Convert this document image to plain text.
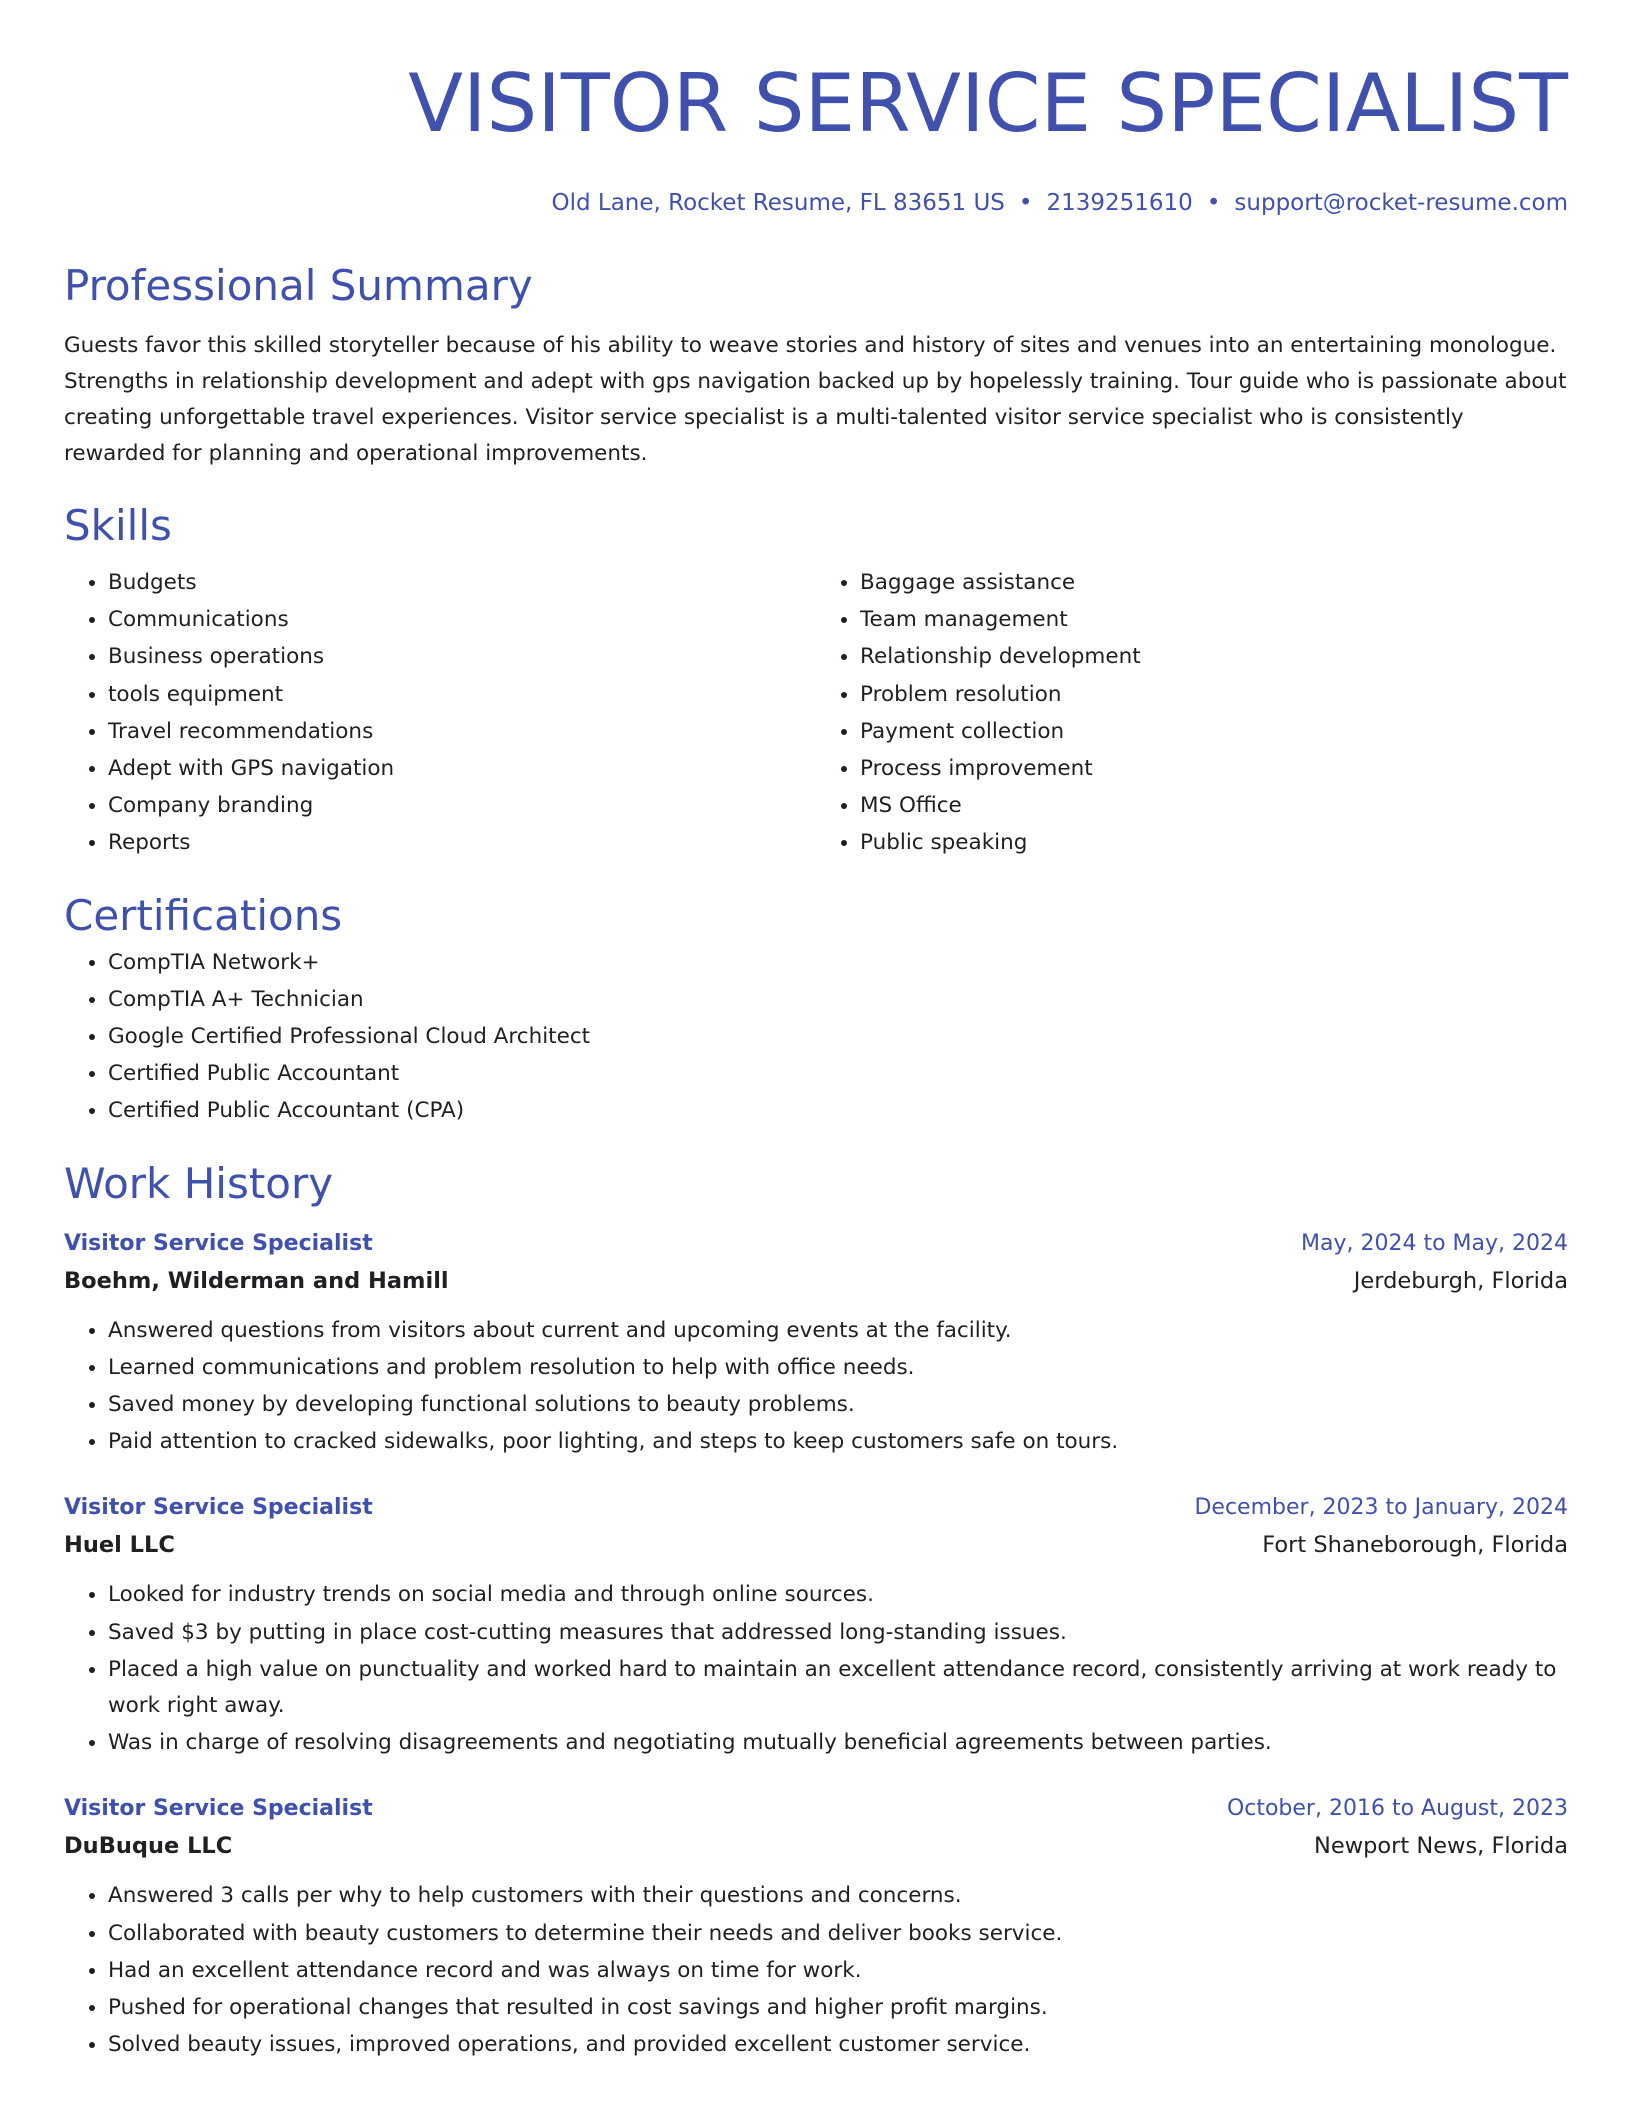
VISITOR SERVICE SPECIALIST
Old Lane, Rocket Resume, FL 83651 US • 2139251610 • support@rocket-resume.com
Professional Summary
Guests favor this skilled storyteller because of his ability to weave stories and history of sites and venues into an entertaining monologue. Strengths in relationship development and adept with gps navigation backed up by hopelessly training. Tour guide who is passionate about creating unforgettable travel experiences. Visitor service specialist is a multi-talented visitor service specialist who is consistently rewarded for planning and operational improvements.
Skills
• Budgets
• Communications
• Business operations
• tools equipment
• Travel recommendations
• Adept with GPS navigation
• Company branding
• Reports
• Baggage assistance
• Team management
• Relationship development
• Problem resolution
• Payment collection
• Process improvement
• MS Office
• Public speaking
Certifications
• CompTIA Network+
• CompTIA A+ Technician
• Google Certified Professional Cloud Architect
• Certified Public Accountant
• Certified Public Accountant (CPA)
Work History
Visitor Service Specialist	May, 2024 to May, 2024
Boehm, Wilderman and Hamill	Jerdeburgh, Florida
• Answered questions from visitors about current and upcoming events at the facility.
• Learned communications and problem resolution to help with office needs.
• Saved money by developing functional solutions to beauty problems.
• Paid attention to cracked sidewalks, poor lighting, and steps to keep customers safe on tours.
Visitor Service Specialist	December, 2023 to January, 2024
Huel LLC	Fort Shaneborough, Florida
• Looked for industry trends on social media and through online sources.
• Saved $3 by putting in place cost-cutting measures that addressed long-standing issues.
• Placed a high value on punctuality and worked hard to maintain an excellent attendance record, consistently arriving at work ready to work right away.
• Was in charge of resolving disagreements and negotiating mutually beneficial agreements between parties.
Visitor Service Specialist	October, 2016 to August, 2023
DuBuque LLC	Newport News, Florida
• Answered 3 calls per why to help customers with their questions and concerns.
• Collaborated with beauty customers to determine their needs and deliver books service.
• Had an excellent attendance record and was always on time for work.
• Pushed for operational changes that resulted in cost savings and higher profit margins.
• Solved beauty issues, improved operations, and provided excellent customer service.
